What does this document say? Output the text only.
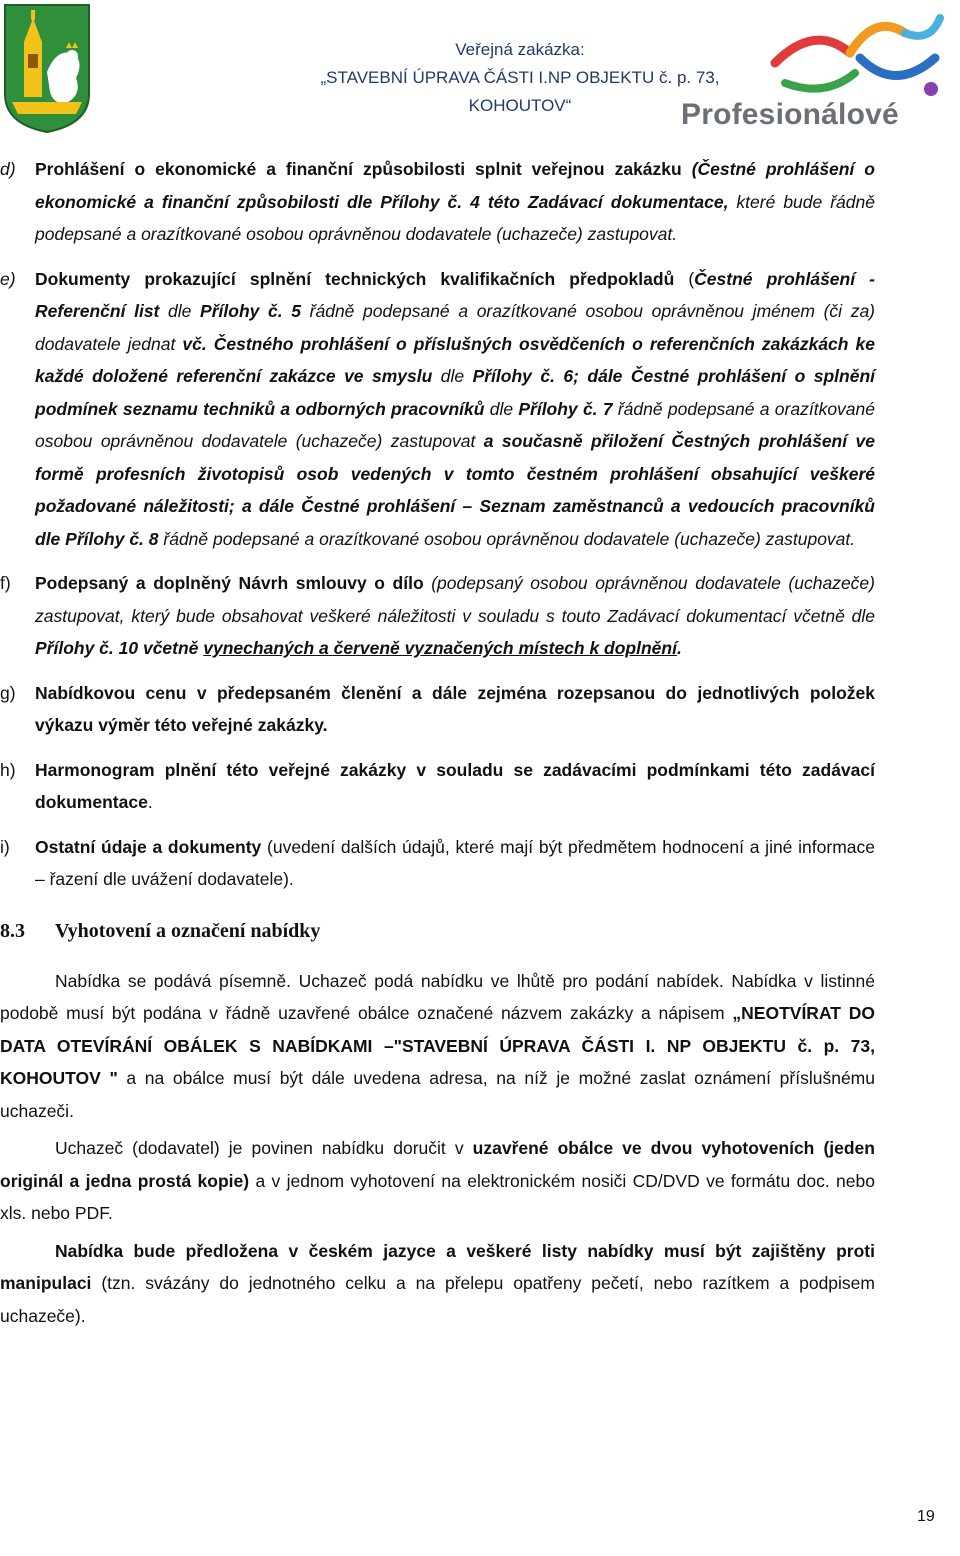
Veřejná zakázka:
„STAVEBNÍ ÚPRAVA ČÁSTI I.NP OBJEKTU č. p. 73, KOHOUTOV“	Profesionálové
d) Prohlášení o ekonomické a finanční způsobilosti splnit veřejnou zakázku (Čestné prohlášení o ekonomické a finanční způsobilosti dle Přílohy č. 4 této Zadávací dokumentace, které bude řádně podepsané a orazítkované osobou oprávněnou dodavatele (uchazeče) zastupovat.
e) Dokumenty prokazující splnění technických kvalifikačních předpokladů (Čestné prohlášení - Referenční list dle Přílohy č. 5 řádně podepsané a orazítkované osobou oprávněnou jménem (či za) dodavatele jednat vč. Čestného prohlášení o příslušných osvědčeních o referenčních zakázkách ke každé doložené referenční zakázce ve smyslu dle Přílohy č. 6; dále Čestné prohlášení o splnění podmínek seznamu techniků a odborných pracovníků dle Přílohy č. 7 řádně podepsané a orazítkované osobou oprávněnou dodavatele (uchazeče) zastupovat a současně přiložení Čestných prohlášení ve formě profesních životopisů osob vedených v tomto čestném prohlášení obsahující veškeré požadované náležitosti; a dále Čestné prohlášení – Seznam zaměstnanců a vedoucích pracovníků dle Přílohy č. 8 řádně podepsané a orazítkované osobou oprávněnou dodavatele (uchazeče) zastupovat.
f) Podepsaný a doplněný Návrh smlouvy o dílo (podepsaný osobou oprávněnou dodavatele (uchazeče) zastupovat, který bude obsahovat veškeré náležitosti v souladu s touto Zadávací dokumentací včetně dle Přílohy č. 10 včetně vynechaných a červeně vyznačených místech k doplnění.
g) Nabídkovou cenu v předepsaném členění a dále zejména rozepsanou do jednotlivých položek výkazu výměr této veřejné zakázky.
h) Harmonogram plnění této veřejné zakázky v souladu se zadávacími podmínkami této zadávací dokumentace.
i) Ostatní údaje a dokumenty (uvedení dalších údajů, které mají být předmětem hodnocení a jiné informace – řazení dle uvážení dodavatele).
8.3 Vyhotovení a označení nabídky
Nabídka se podává písemně. Uchazeč podá nabídku ve lhůtě pro podání nabídek. Nabídka v listinné podobě musí být podána v řádně uzavřené obálce označené názvem zakázky a nápisem „NEOTVÍRAT DO DATA OTEVÍRÁNÍ OBÁLEK S NABÍDKAMI –"STAVEBNÍ ÚPRAVA ČÁSTI I. NP OBJEKTU č. p. 73, KOHOUTOV " a na obálce musí být dále uvedena adresa, na níž je možné zaslat oznámení příslušnému uchazeči.
Uchazeč (dodavatel) je povinen nabídku doručit v uzavřené obálce ve dvou vyhotoveních (jeden originál a jedna prostá kopie) a v jednom vyhotovení na elektronickém nosiči CD/DVD ve formátu doc. nebo xls. nebo PDF.
Nabídka bude předložena v českém jazyce a veškeré listy nabídky musí být zajištěny proti manipulaci (tzn. svázány do jednotného celku a na přelepu opatřeny pečetí, nebo razítkem a podpisem uchazeče).
19
